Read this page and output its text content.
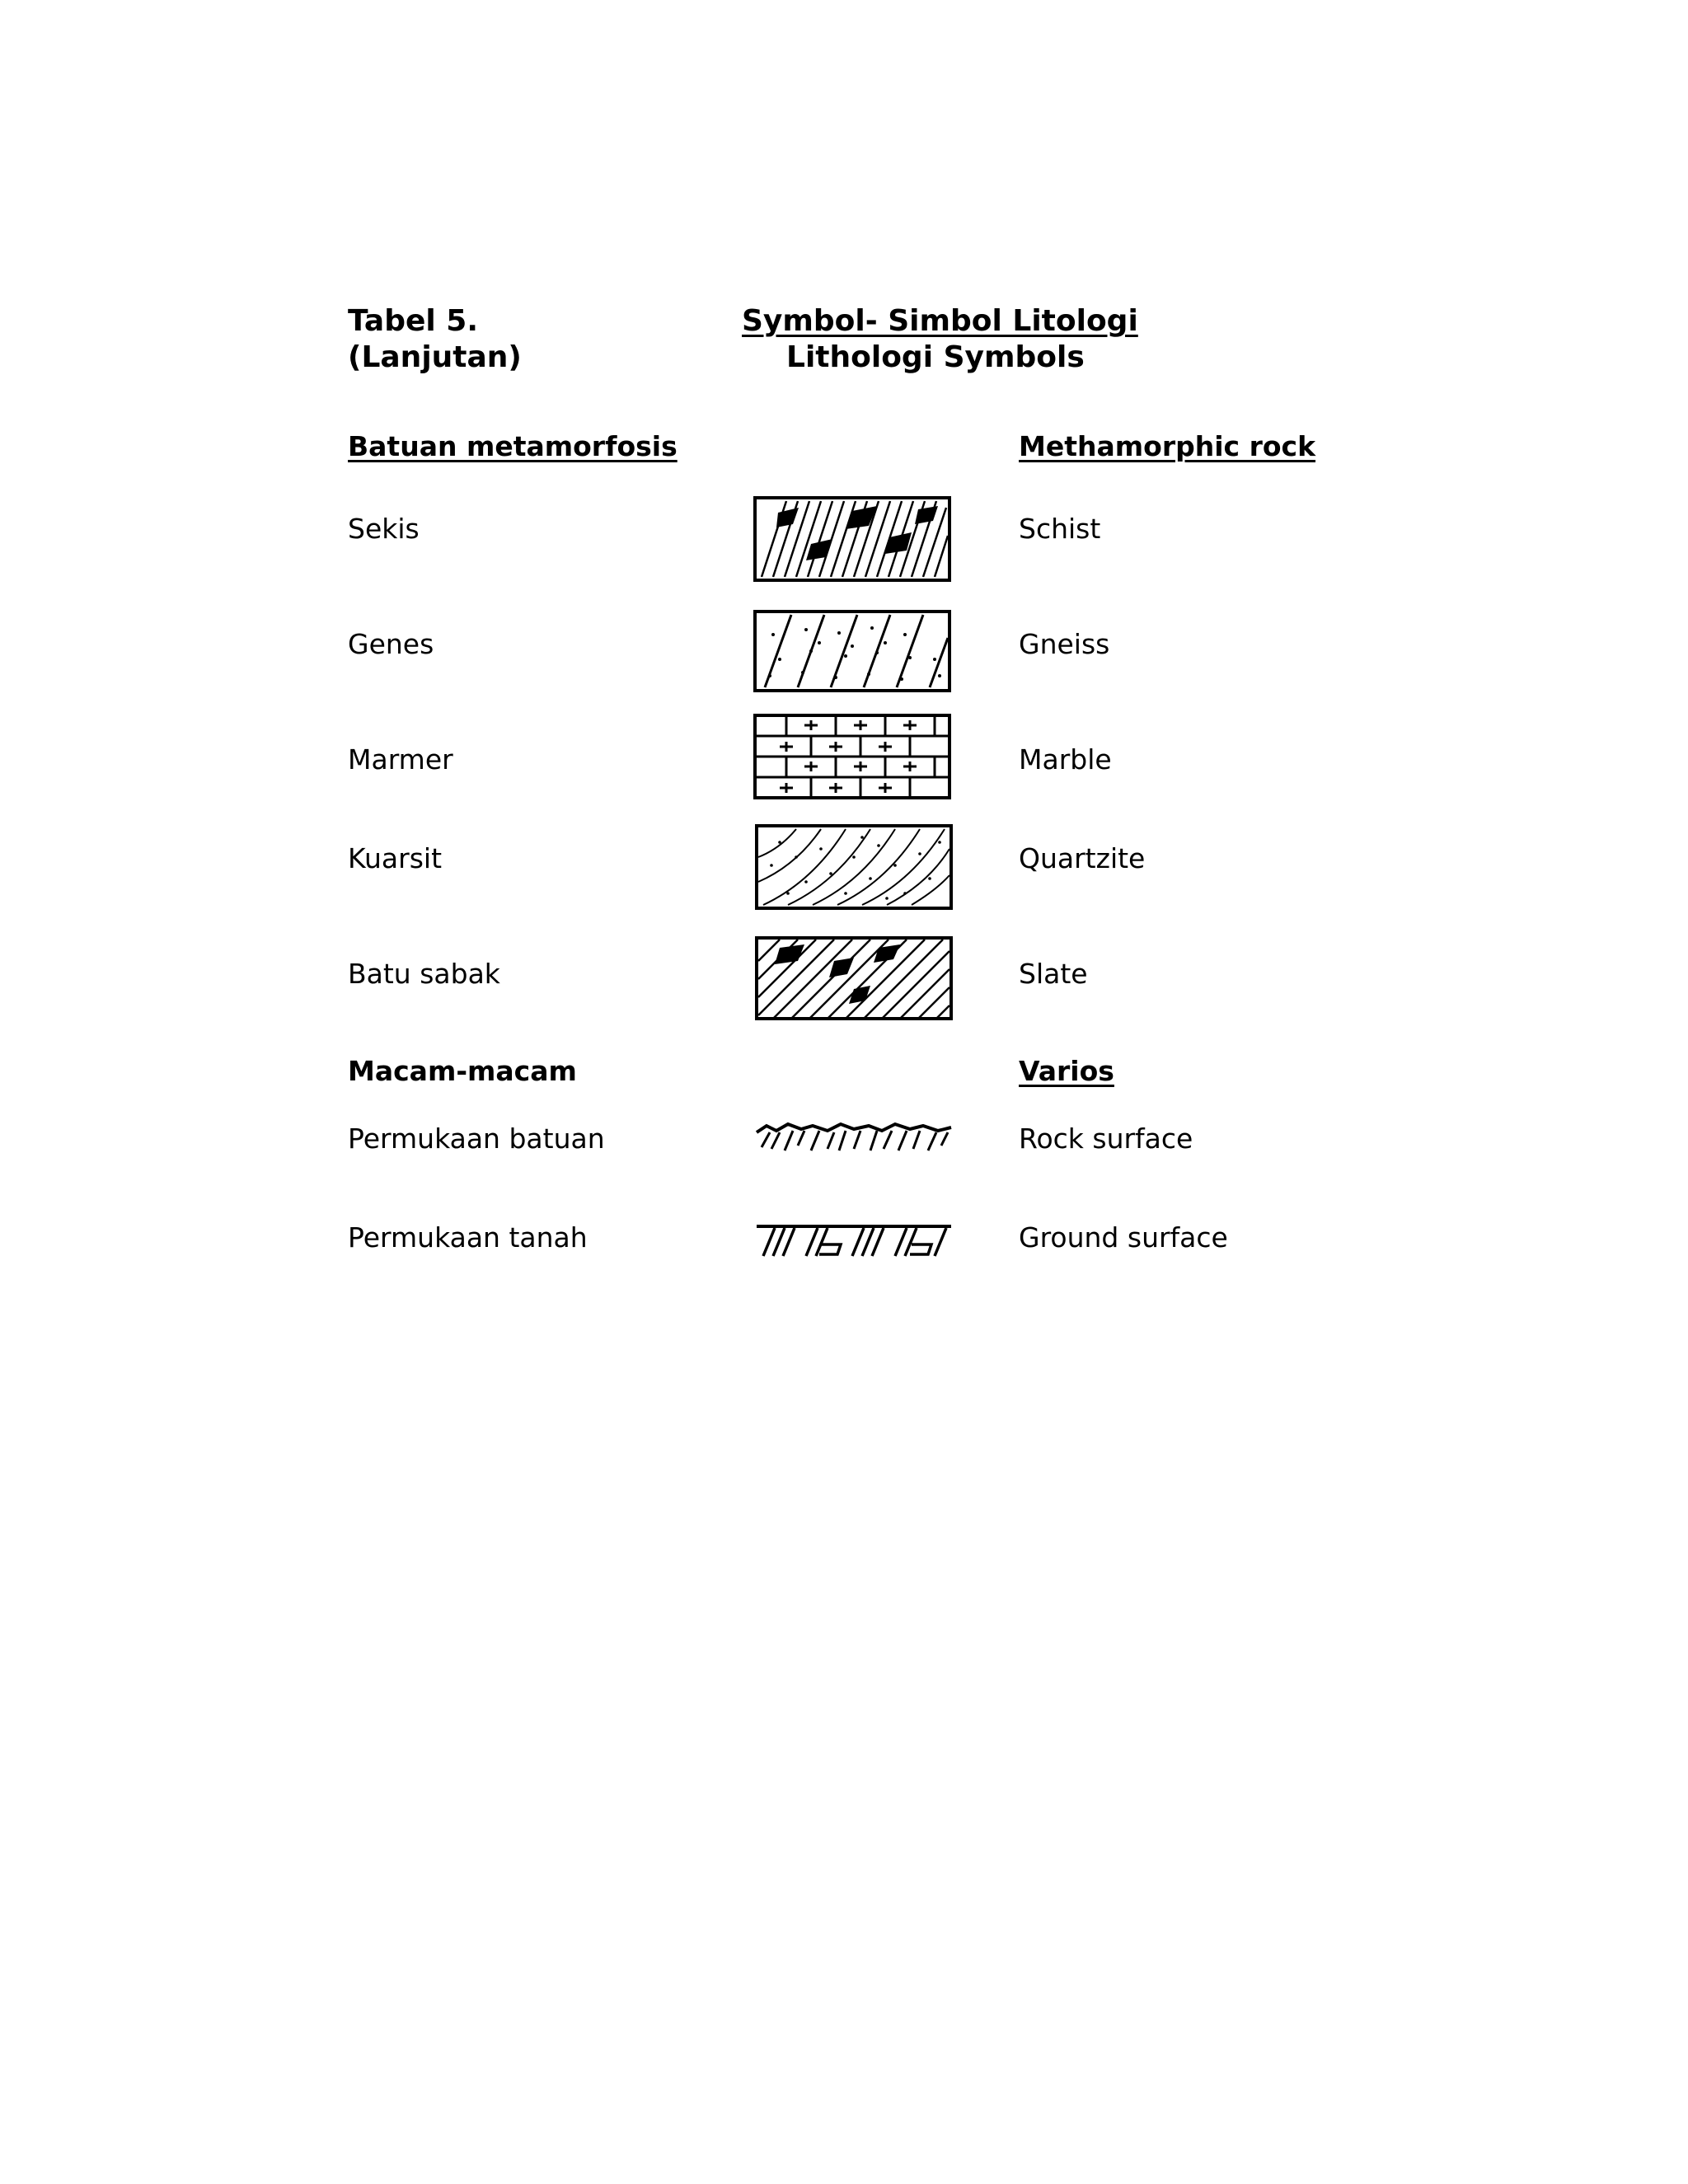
Tabel 5.
(Lanjutan)
Symbol- Simbol Litologi
Lithologi Symbols
Batuan metamorfosis	Methamorphic rock
Sekis	Schist
Genes	Gneiss
Marmer	Marble
Kuarsit	Quartzite
Batu sabak	Slate
Macam-macam	Varios
Permukaan batuan	Rock surface
Permukaan tanah	Ground surface
